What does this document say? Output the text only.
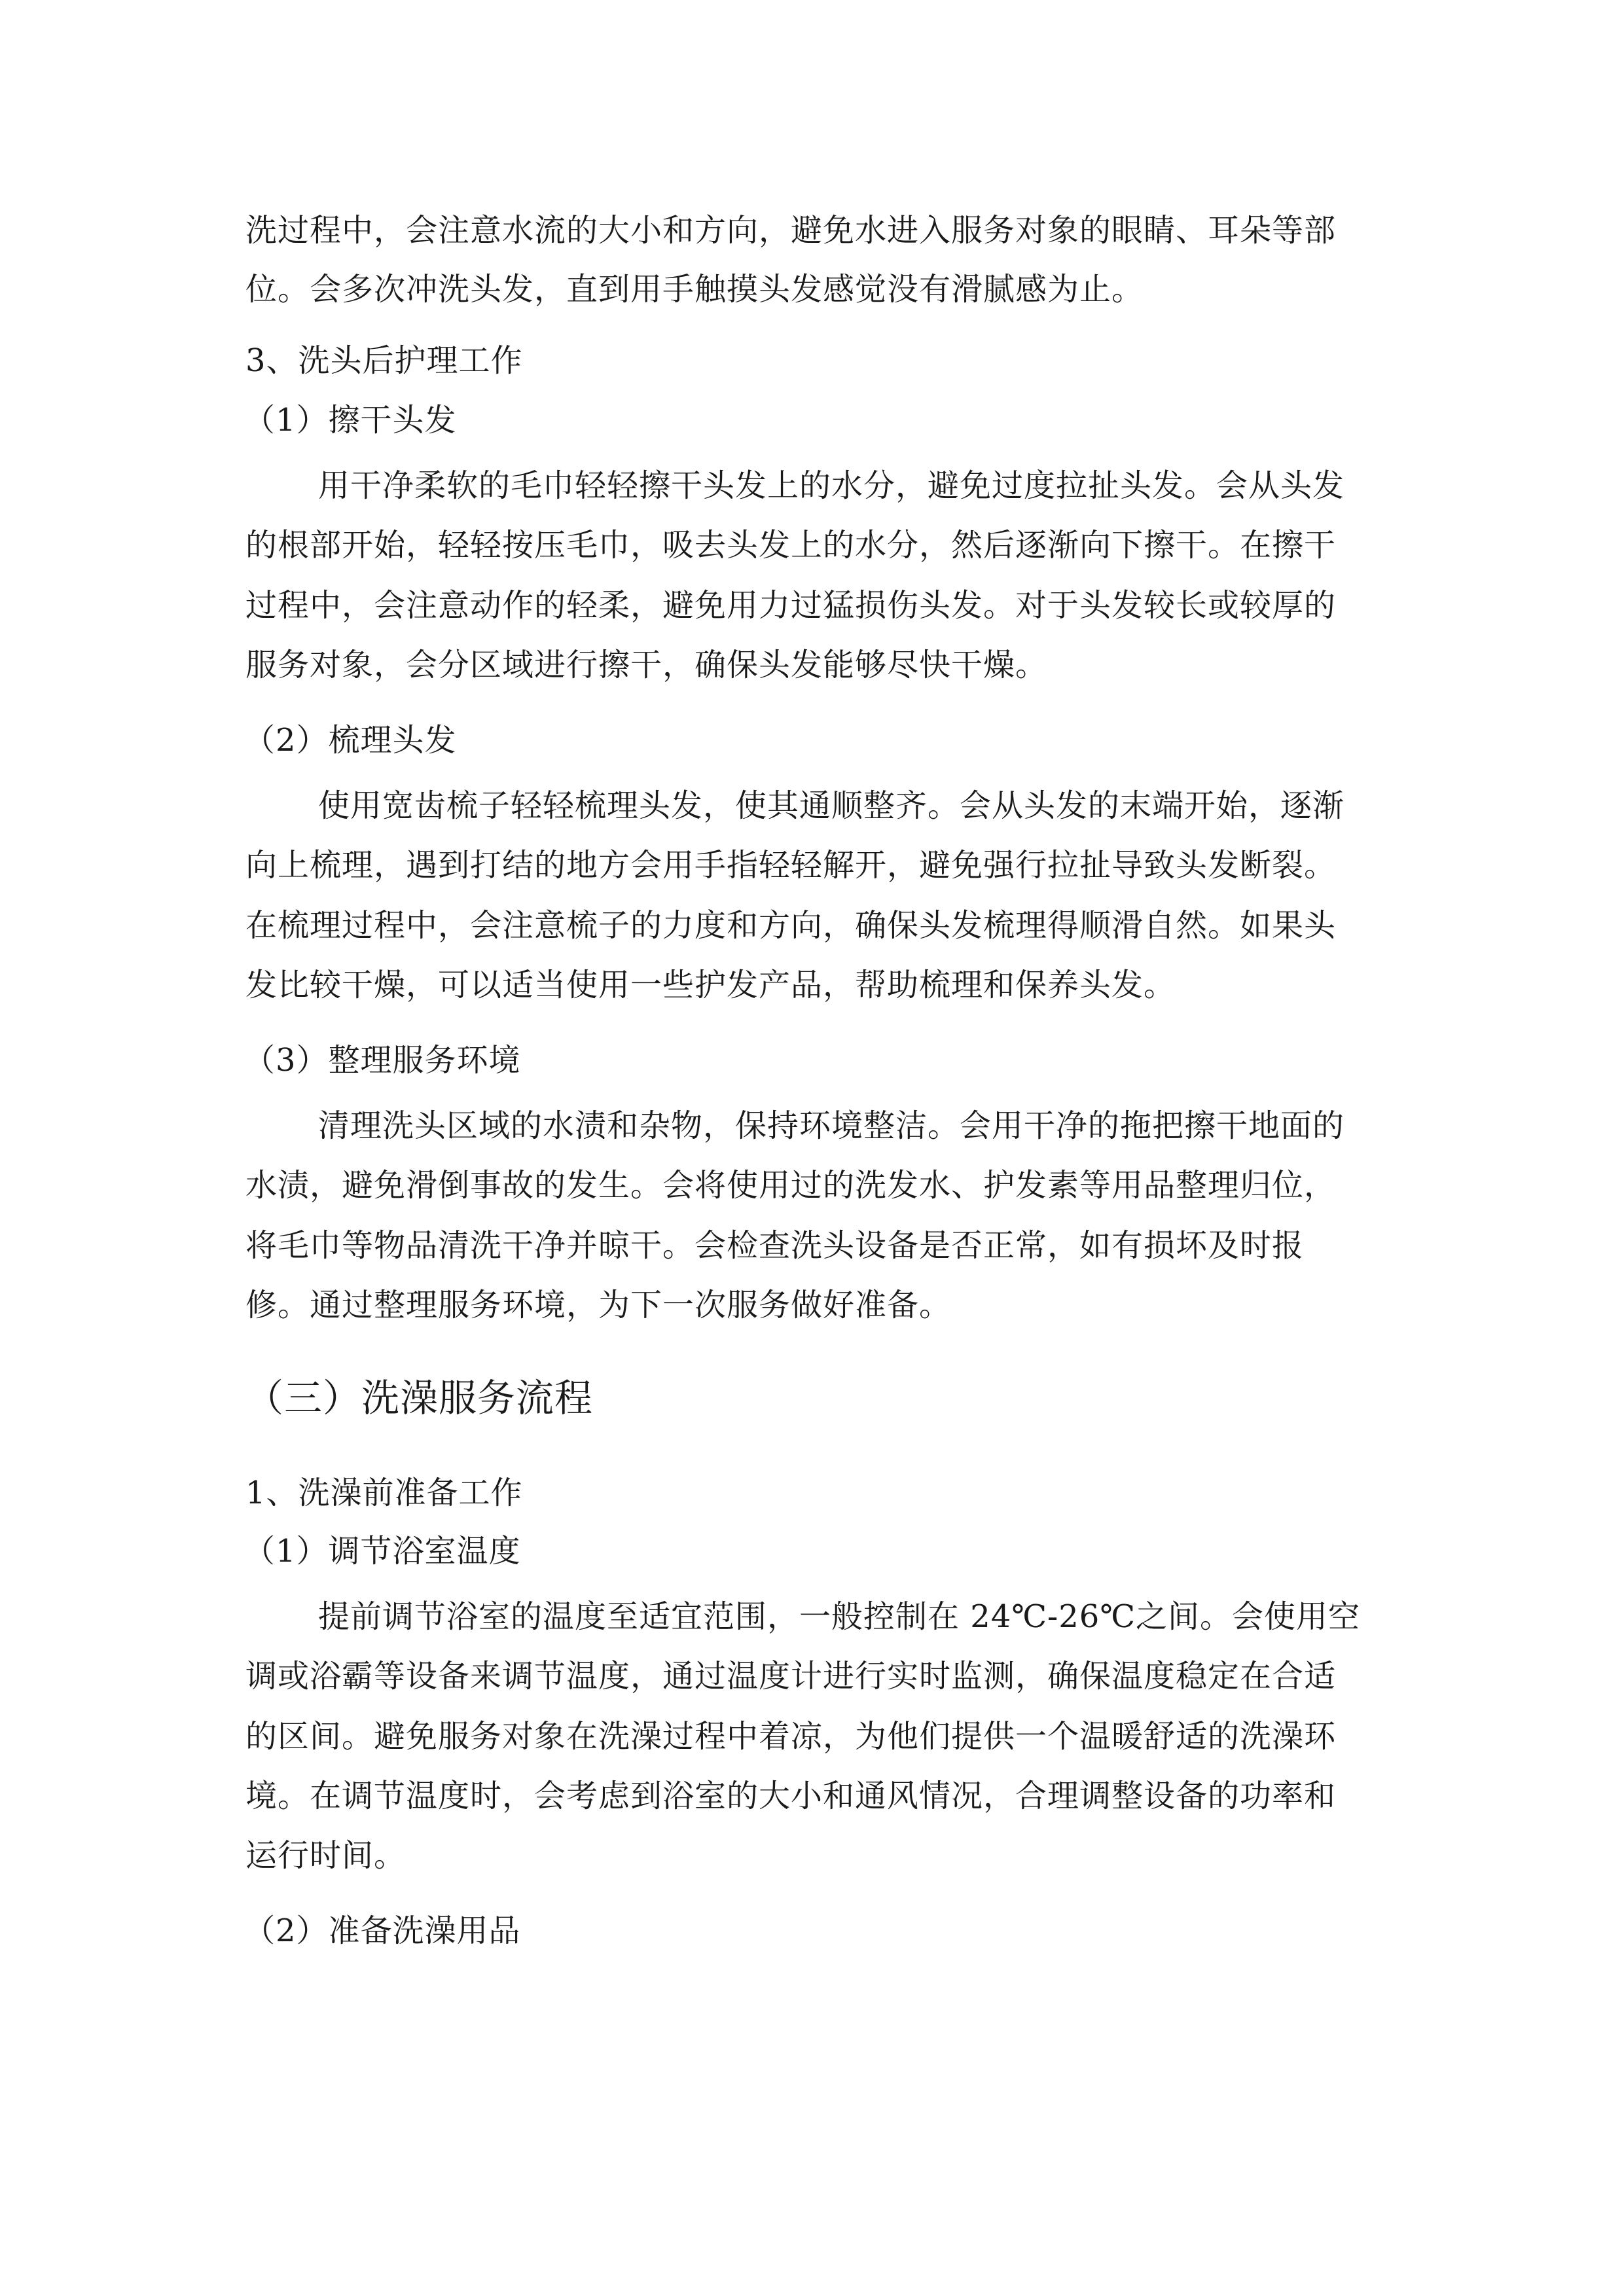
洗过程中，会注意水流的大小和方向，避免水进入服务对象的眼睛、耳朵等部
位。会多次冲洗头发，直到用手触摸头发感觉没有滑腻感为止。
3、洗头后护理工作
（1）擦干头发
用干净柔软的毛巾轻轻擦干头发上的水分，避免过度拉扯头发。会从头发
的根部开始，轻轻按压毛巾，吸去头发上的水分，然后逐渐向下擦干。在擦干
过程中，会注意动作的轻柔，避免用力过猛损伤头发。对于头发较长或较厚的
服务对象，会分区域进行擦干，确保头发能够尽快干燥。
（2）梳理头发
使用宽齿梳子轻轻梳理头发，使其通顺整齐。会从头发的末端开始，逐渐
向上梳理，遇到打结的地方会用手指轻轻解开，避免强行拉扯导致头发断裂。
在梳理过程中，会注意梳子的力度和方向，确保头发梳理得顺滑自然。如果头
发比较干燥，可以适当使用一些护发产品，帮助梳理和保养头发。
（3）整理服务环境
清理洗头区域的水渍和杂物，保持环境整洁。会用干净的拖把擦干地面的
水渍，避免滑倒事故的发生。会将使用过的洗发水、护发素等用品整理归位，
将毛巾等物品清洗干净并晾干。会检查洗头设备是否正常，如有损坏及时报
修。通过整理服务环境，为下一次服务做好准备。
（三）洗澡服务流程
1、洗澡前准备工作
（1）调节浴室温度
提前调节浴室的温度至适宜范围，一般控制在 24℃-26℃之间。会使用空
调或浴霸等设备来调节温度，通过温度计进行实时监测，确保温度稳定在合适
的区间。避免服务对象在洗澡过程中着凉，为他们提供一个温暖舒适的洗澡环
境。在调节温度时，会考虑到浴室的大小和通风情况，合理调整设备的功率和
运行时间。
（2）准备洗澡用品
